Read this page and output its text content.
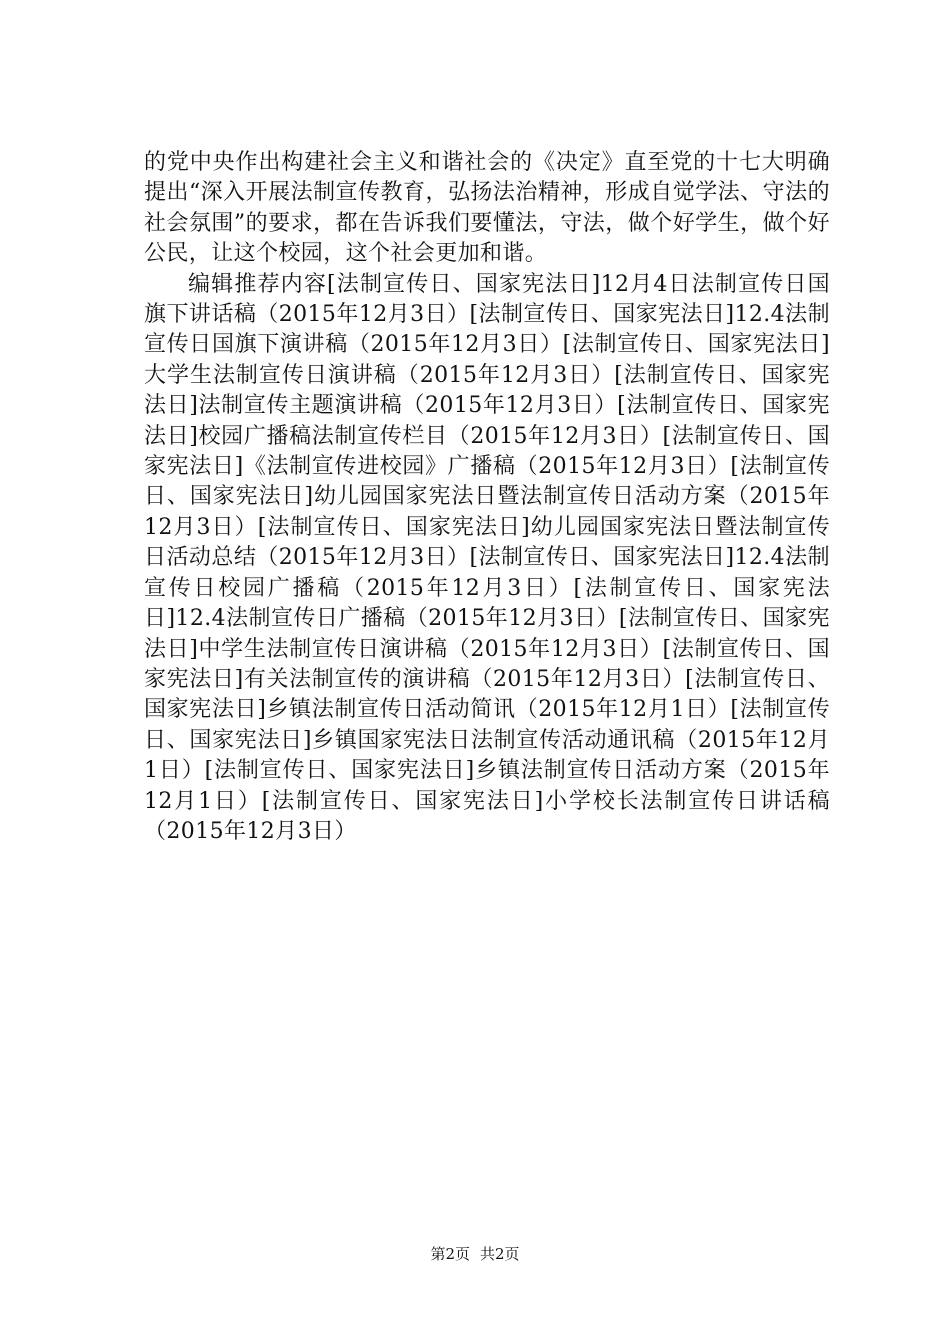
的党中央作出构建社会主义和谐社会的《决定》直至党的十七大明确提出“深入开展法制宣传教育，弘扬法治精神，形成自觉学法、守法的社会氛围”的要求，都在告诉我们要懂法，守法，做个好学生，做个好公民，让这个校园，这个社会更加和谐。

编辑推荐内容[法制宣传日、国家宪法日]12月4日法制宣传日国旗下讲话稿（2015年12月3日）[法制宣传日、国家宪法日]12.4法制宣传日国旗下演讲稿（2015年12月3日）[法制宣传日、国家宪法日]大学生法制宣传日演讲稿（2015年12月3日）[法制宣传日、国家宪法日]法制宣传主题演讲稿（2015年12月3日）[法制宣传日、国家宪法日]校园广播稿法制宣传栏目（2015年12月3日）[法制宣传日、国家宪法日]《法制宣传进校园》广播稿（2015年12月3日）[法制宣传日、国家宪法日]幼儿园国家宪法日暨法制宣传日活动方案（2015年12月3日）[法制宣传日、国家宪法日]幼儿园国家宪法日暨法制宣传日活动总结（2015年12月3日）[法制宣传日、国家宪法日]12.4法制宣传日校园广播稿（2015年12月3日）[法制宣传日、国家宪法日]12.4法制宣传日广播稿（2015年12月3日）[法制宣传日、国家宪法日]中学生法制宣传日演讲稿（2015年12月3日）[法制宣传日、国家宪法日]有关法制宣传的演讲稿（2015年12月3日）[法制宣传日、国家宪法日]乡镇法制宣传日活动简讯（2015年12月1日）[法制宣传日、国家宪法日]乡镇国家宪法日法制宣传活动通讯稿（2015年12月1日）[法制宣传日、国家宪法日]乡镇法制宣传日活动方案（2015年12月1日）[法制宣传日、国家宪法日]小学校长法制宣传日讲话稿（2015年12月3日）

第2页 共2页
